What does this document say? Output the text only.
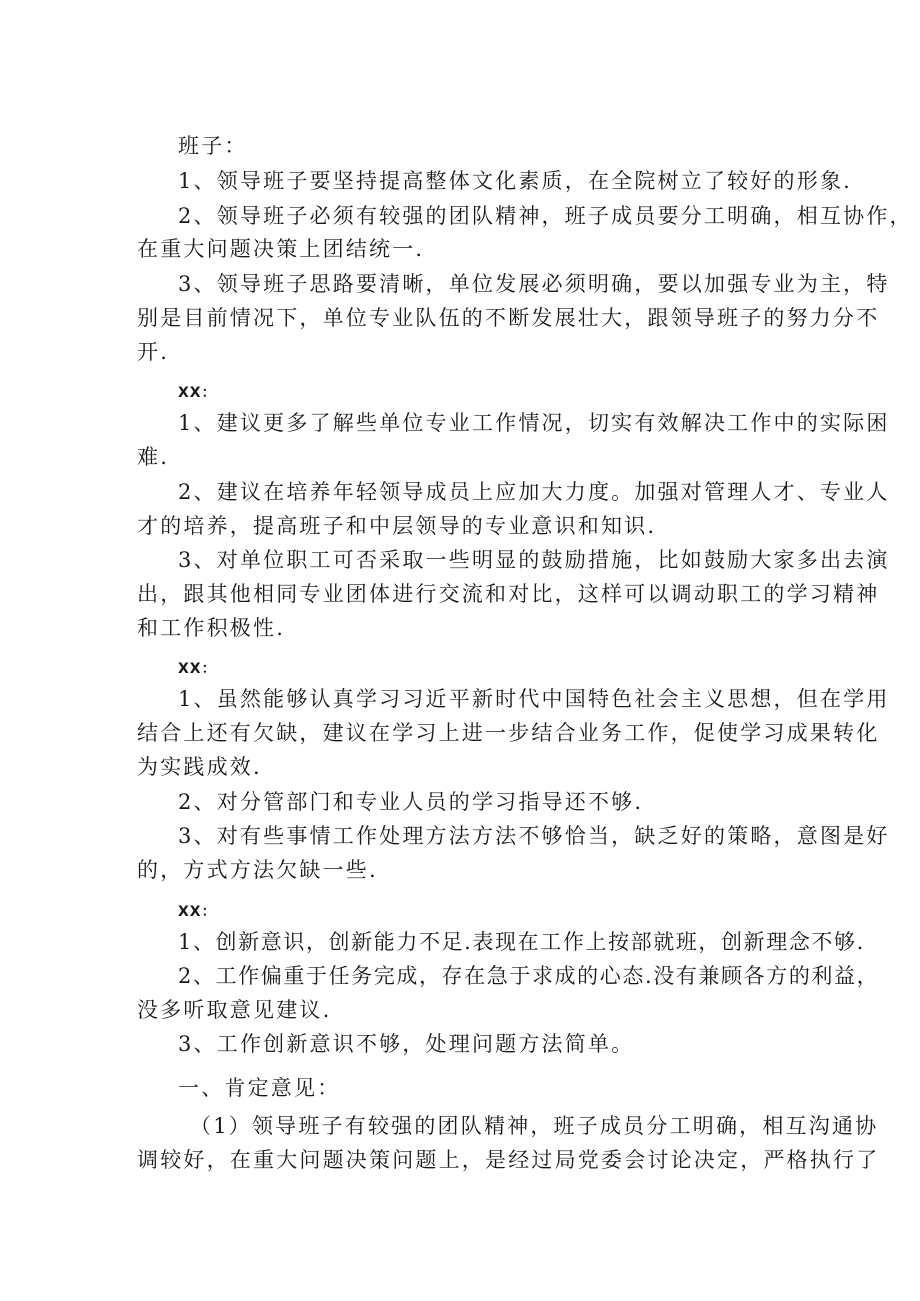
班子：
1、领导班子要坚持提高整体文化素质，在全院树立了较好的形象.
2、领导班子必须有较强的团队精神，班子成员要分工明确，相互协作，
在重大问题决策上团结统一.
3、领导班子思路要清晰，单位发展必须明确，要以加强专业为主，特
别是目前情况下，单位专业队伍的不断发展壮大，跟领导班子的努力分不
开.
XX：
1、建议更多了解些单位专业工作情况，切实有效解决工作中的实际困
难.
2、建议在培养年轻领导成员上应加大力度。加强对管理人才、专业人
才的培养，提高班子和中层领导的专业意识和知识.
3、对单位职工可否采取一些明显的鼓励措施，比如鼓励大家多出去演
出，跟其他相同专业团体进行交流和对比，这样可以调动职工的学习精神
和工作积极性.
XX：
1、虽然能够认真学习习近平新时代中国特色社会主义思想，但在学用
结合上还有欠缺，建议在学习上进一步结合业务工作，促使学习成果转化
为实践成效.
2、对分管部门和专业人员的学习指导还不够.
3、对有些事情工作处理方法方法不够恰当，缺乏好的策略，意图是好
的，方式方法欠缺一些.
XX：
1、创新意识，创新能力不足.表现在工作上按部就班，创新理念不够.
2、工作偏重于任务完成，存在急于求成的心态.没有兼顾各方的利益，
没多听取意见建议.
3、工作创新意识不够，处理问题方法简单。
一、肯定意见：
（1）领导班子有较强的团队精神，班子成员分工明确，相互沟通协
调较好，在重大问题决策问题上，是经过局党委会讨论决定，严格执行了
